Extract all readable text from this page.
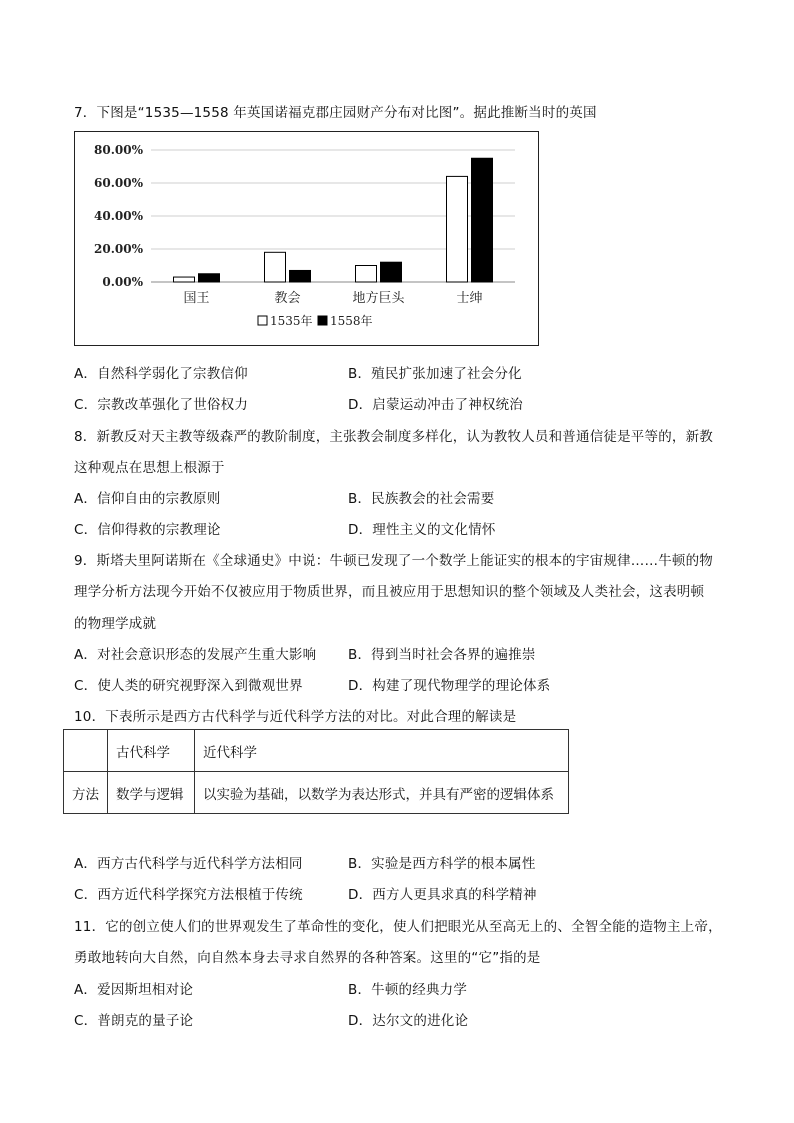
7．下图是“1535—1558 年英国诺福克郡庄园财产分布对比图”。据此推断当时的英国
0.00%
20.00%
40.00%
60.00%
80.00%
国王	教会	地方巨头	士绅
1535年 1558年
A．自然科学弱化了宗教信仰	B．殖民扩张加速了社会分化
C．宗教改革强化了世俗权力	D．启蒙运动冲击了神权统治
8．新教反对天主教等级森严的教阶制度，主张教会制度多样化，认为教牧人员和普通信徒是平等的，新教
这种观点在思想上根源于
A．信仰自由的宗教原则	B．民族教会的社会需要
C．信仰得救的宗教理论	D．理性主义的文化情怀
9．斯塔夫里阿诺斯在《全球通史》中说：牛顿已发现了一个数学上能证实的根本的宇宙规律……牛顿的物
理学分析方法现今开始不仅被应用于物质世界，而且被应用于思想知识的整个领域及人类社会，这表明顿
的物理学成就
A．对社会意识形态的发展产生重大影响 B．得到当时社会各界的遍推崇
C．使人类的研究视野深入到微观世界	D．构建了现代物理学的理论体系
10．下表所示是西方古代科学与近代科学方法的对比。对此合理的解读是
	古代科学	近代科学
方法	数学与逻辑	以实验为基础，以数学为表达形式，并具有严密的逻辑体系
A．西方古代科学与近代科学方法相同	B．实验是西方科学的根本属性
C．西方近代科学探究方法根植于传统	D．西方人更具求真的科学精神
11．它的创立使人们的世界观发生了革命性的变化，使人们把眼光从至高无上的、全智全能的造物主上帝，
勇敢地转向大自然，向自然本身去寻求自然界的各种答案。这里的“它”指的是
A．爱因斯坦相对论	B．牛顿的经典力学
C．普朗克的量子论	D．达尔文的进化论
